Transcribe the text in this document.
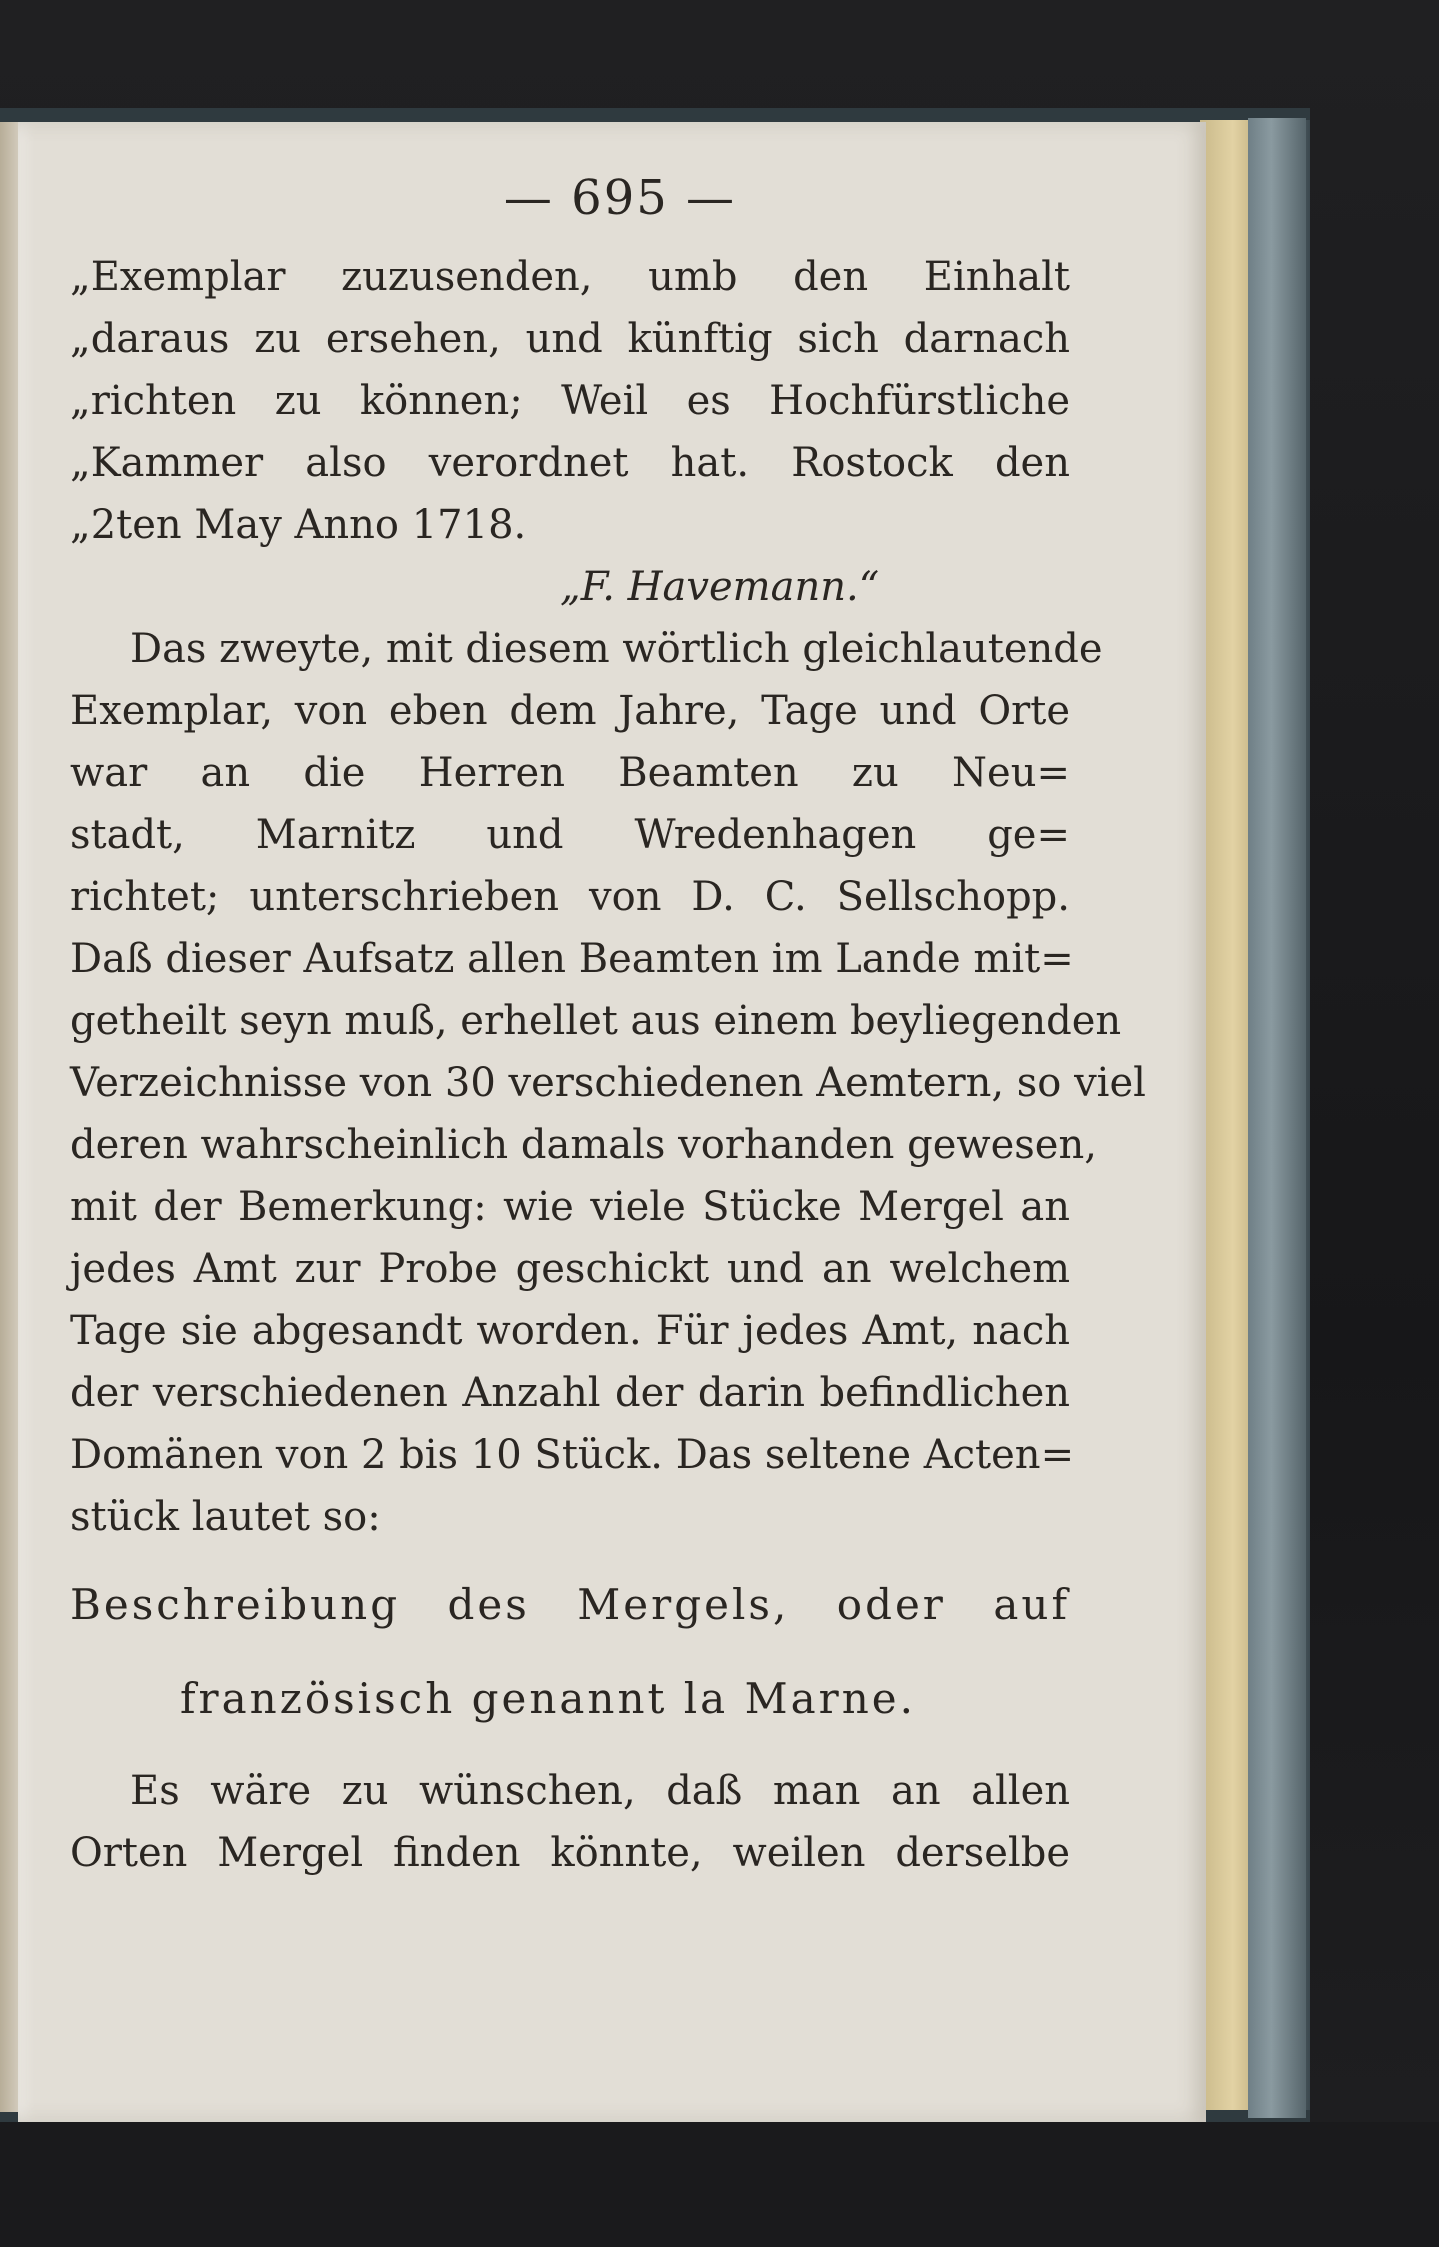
— 695 —
„Exemplar zuzusenden, umb den Einhalt
„daraus zu ersehen, und künftig sich darnach
„richten zu können; Weil es Hochfürstliche
„Kammer also verordnet hat. Rostock den
„2ten May Anno 1718.
„F. Havemann.“
Das zweyte, mit diesem wörtlich gleichlautende
Exemplar, von eben dem Jahre, Tage und Orte
war an die Herren Beamten zu Neu=
stadt, Marnitz und Wredenhagen ge=
richtet; unterschrieben von D. C. Sellschopp.
Daß dieser Aufsatz allen Beamten im Lande mit=
getheilt seyn muß, erhellet aus einem beyliegenden
Verzeichnisse von 30 verschiedenen Aemtern, so viel
deren wahrscheinlich damals vorhanden gewesen,
mit der Bemerkung: wie viele Stücke Mergel an
jedes Amt zur Probe geschickt und an welchem
Tage sie abgesandt worden. Für jedes Amt, nach
der verschiedenen Anzahl der darin befindlichen
Domänen von 2 bis 10 Stück. Das seltene Acten=
stück lautet so:
Beschreibung des Mergels, oder auf
französisch genannt la Marne.
Es wäre zu wünschen, daß man an allen
Orten Mergel finden könnte, weilen derselbe
